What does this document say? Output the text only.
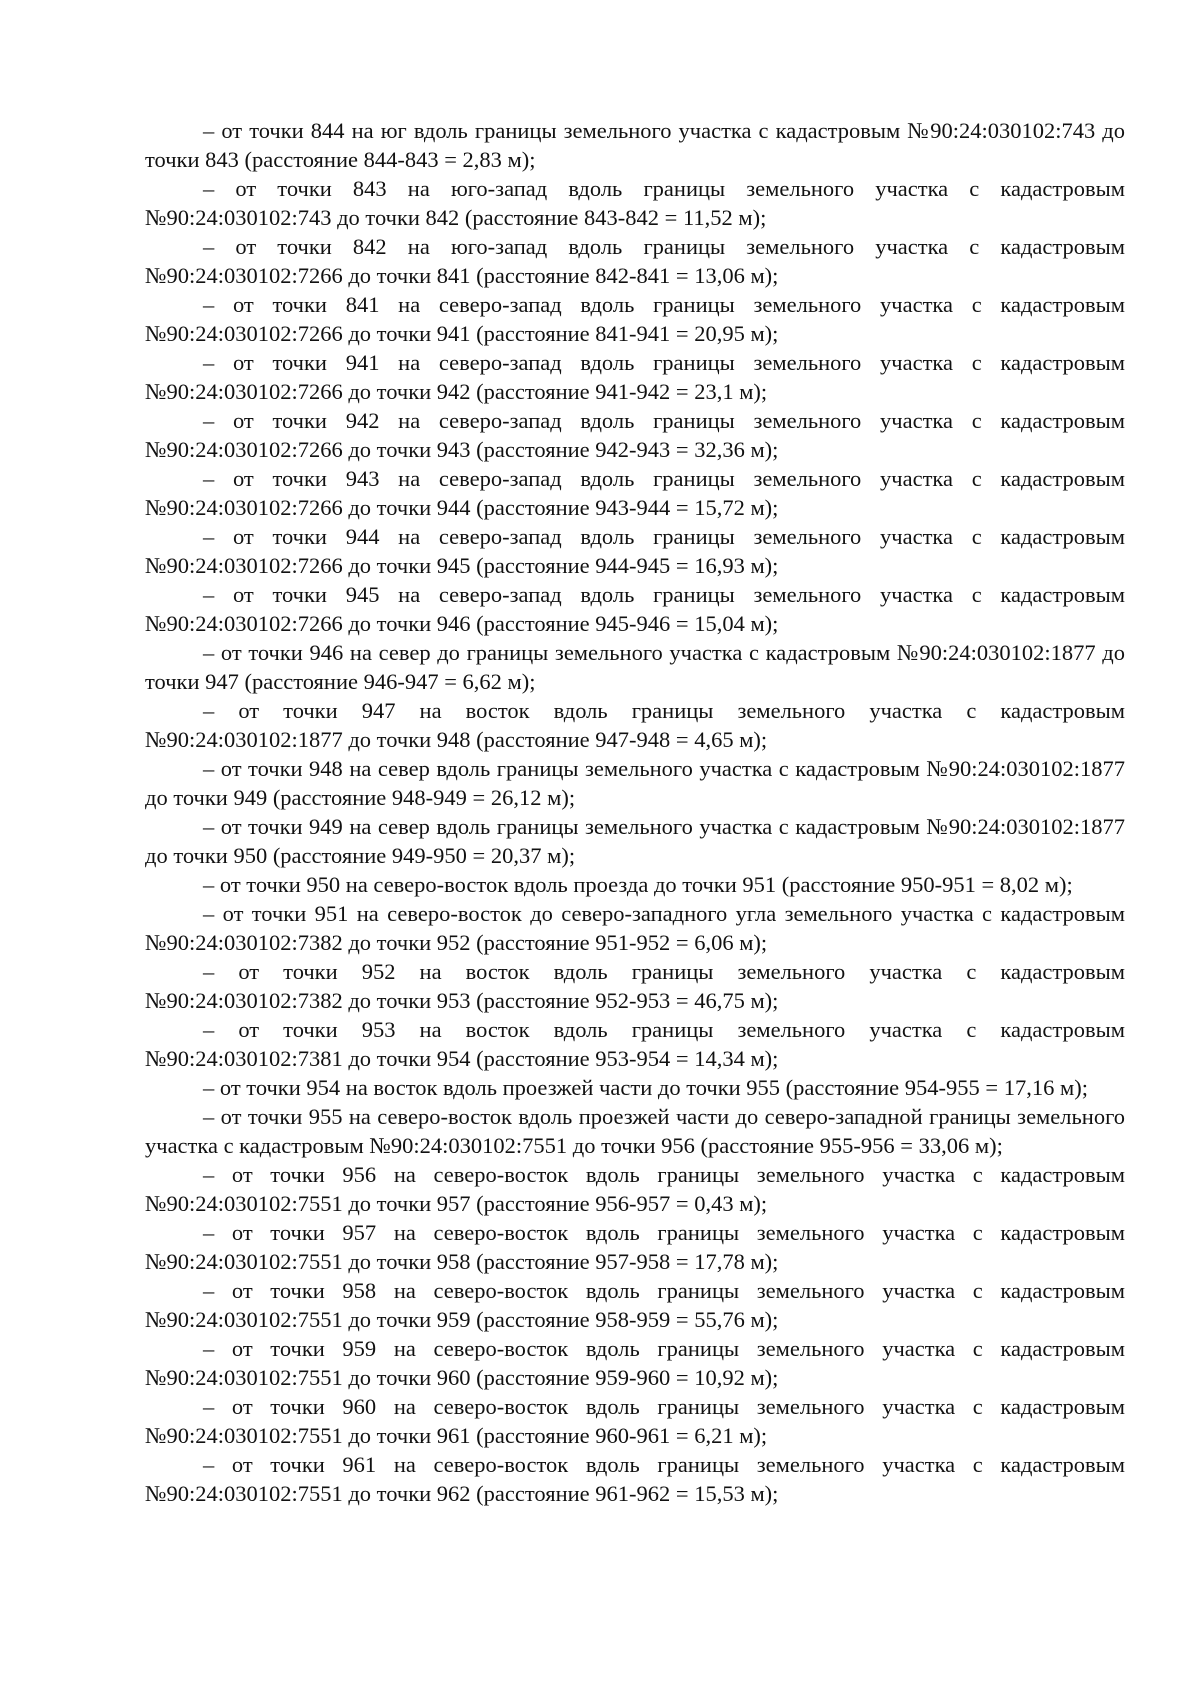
– от точки 844 на юг вдоль границы земельного участка с кадастровым №90:24:030102:743 до точки 843 (расстояние 844-843 = 2,83 м);

– от точки 843 на юго-запад вдоль границы земельного участка с кадастровым №90:24:030102:743 до точки 842 (расстояние 843-842 = 11,52 м);

– от точки 842 на юго-запад вдоль границы земельного участка с кадастровым №90:24:030102:7266 до точки 841 (расстояние 842-841 = 13,06 м);

– от точки 841 на северо-запад вдоль границы земельного участка с кадастровым №90:24:030102:7266 до точки 941 (расстояние 841-941 = 20,95 м);

– от точки 941 на северо-запад вдоль границы земельного участка с кадастровым №90:24:030102:7266 до точки 942 (расстояние 941-942 = 23,1 м);

– от точки 942 на северо-запад вдоль границы земельного участка с кадастровым №90:24:030102:7266 до точки 943 (расстояние 942-943 = 32,36 м);

– от точки 943 на северо-запад вдоль границы земельного участка с кадастровым №90:24:030102:7266 до точки 944 (расстояние 943-944 = 15,72 м);

– от точки 944 на северо-запад вдоль границы земельного участка с кадастровым №90:24:030102:7266 до точки 945 (расстояние 944-945 = 16,93 м);

– от точки 945 на северо-запад вдоль границы земельного участка с кадастровым №90:24:030102:7266 до точки 946 (расстояние 945-946 = 15,04 м);

– от точки 946 на север до границы земельного участка с кадастровым №90:24:030102:1877 до точки 947 (расстояние 946-947 = 6,62 м);

– от точки 947 на восток вдоль границы земельного участка с кадастровым №90:24:030102:1877 до точки 948 (расстояние 947-948 = 4,65 м);

– от точки 948 на север вдоль границы земельного участка с кадастровым №90:24:030102:1877 до точки 949 (расстояние 948-949 = 26,12 м);

– от точки 949 на север вдоль границы земельного участка с кадастровым №90:24:030102:1877 до точки 950 (расстояние 949-950 = 20,37 м);

– от точки 950 на северо-восток вдоль проезда до точки 951 (расстояние 950-951 = 8,02 м);

– от точки 951 на северо-восток до северо-западного угла земельного участка с кадастровым №90:24:030102:7382 до точки 952 (расстояние 951-952 = 6,06 м);

– от точки 952 на восток вдоль границы земельного участка с кадастровым №90:24:030102:7382 до точки 953 (расстояние 952-953 = 46,75 м);

– от точки 953 на восток вдоль границы земельного участка с кадастровым №90:24:030102:7381 до точки 954 (расстояние 953-954 = 14,34 м);

– от точки 954 на восток вдоль проезжей части до точки 955 (расстояние 954-955 = 17,16 м);

– от точки 955 на северо-восток вдоль проезжей части до северо-западной границы земельного участка с кадастровым №90:24:030102:7551 до точки 956 (расстояние 955-956 = 33,06 м);

– от точки 956 на северо-восток вдоль границы земельного участка с кадастровым №90:24:030102:7551 до точки 957 (расстояние 956-957 = 0,43 м);

– от точки 957 на северо-восток вдоль границы земельного участка с кадастровым №90:24:030102:7551 до точки 958 (расстояние 957-958 = 17,78 м);

– от точки 958 на северо-восток вдоль границы земельного участка с кадастровым №90:24:030102:7551 до точки 959 (расстояние 958-959 = 55,76 м);

– от точки 959 на северо-восток вдоль границы земельного участка с кадастровым №90:24:030102:7551 до точки 960 (расстояние 959-960 = 10,92 м);

– от точки 960 на северо-восток вдоль границы земельного участка с кадастровым №90:24:030102:7551 до точки 961 (расстояние 960-961 = 6,21 м);

– от точки 961 на северо-восток вдоль границы земельного участка с кадастровым №90:24:030102:7551 до точки 962 (расстояние 961-962 = 15,53 м);
